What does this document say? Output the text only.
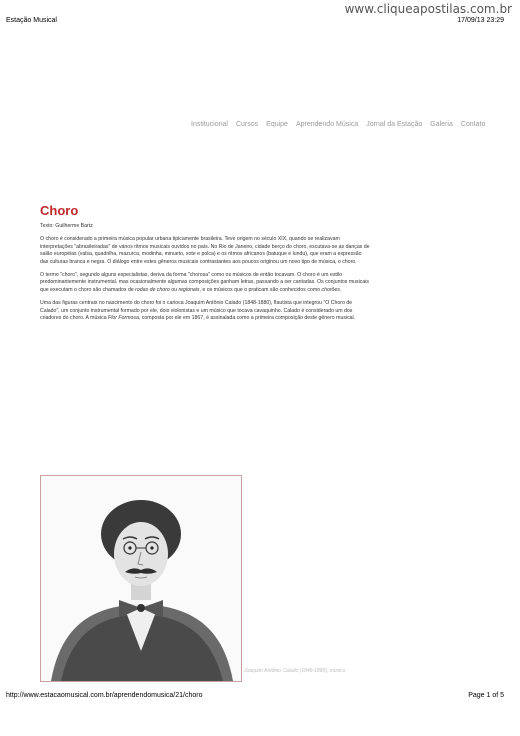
www.cliqueapostilas.com.br
Estação Musical	17/09/13 23:29
Institucional Cursos Equipe Aprendendo Música Jornal da Estação Galeria Contato
Choro

Texto: Guilherme Bartz

O choro é considerado a primeira música popular urbana tipicamente brasileira. Teve origem no século XIX, quando se realizavam interpretações "abrasileiradas" de vários ritmos musicais ouvidos no país. No Rio de Janeiro, cidade berço do choro, escutava-se as danças de salão européias (valsa, quadrilha, mazurca, modinha, minueto, xote e polca) e os ritmos africanos (batuque e lundu), que eram a expressão das culturas branca e negra. O diálogo entre estes gêneros musicais contrastantes aos poucos originou um novo tipo de música, o choro.

O termo "choro", segundo alguns especialistas, deriva da forma "chorosa" como os músicos de então tocavam. O choro é um estilo predominantemente instrumental, mas ocasionalmente algumas composições ganham letras, passando a ser cantadas. Os conjuntos musicais que executam o choro são chamados de rodas de choro ou regionais, e os músicos que o praticam são conhecidos como chorões.

Uma das figuras centrais no nascimento do choro foi o carioca Joaquim Antônio Calado (1848-1880), flautista que integrou "O Choro de Calado", um conjunto instrumental formado por ele, dois violonistas e um músico que tocava cavaquinho. Calado é considerado um dos criadores do choro. A música Flor Formosa, composta por ele em 1867, é assinalada como a primeira composição deste gênero musical.

Joaquim Antônio Calado (1848-1880), músico
http://www.estacaomusical.com.br/aprendendomusica/21/choro	Page 1 of 5
